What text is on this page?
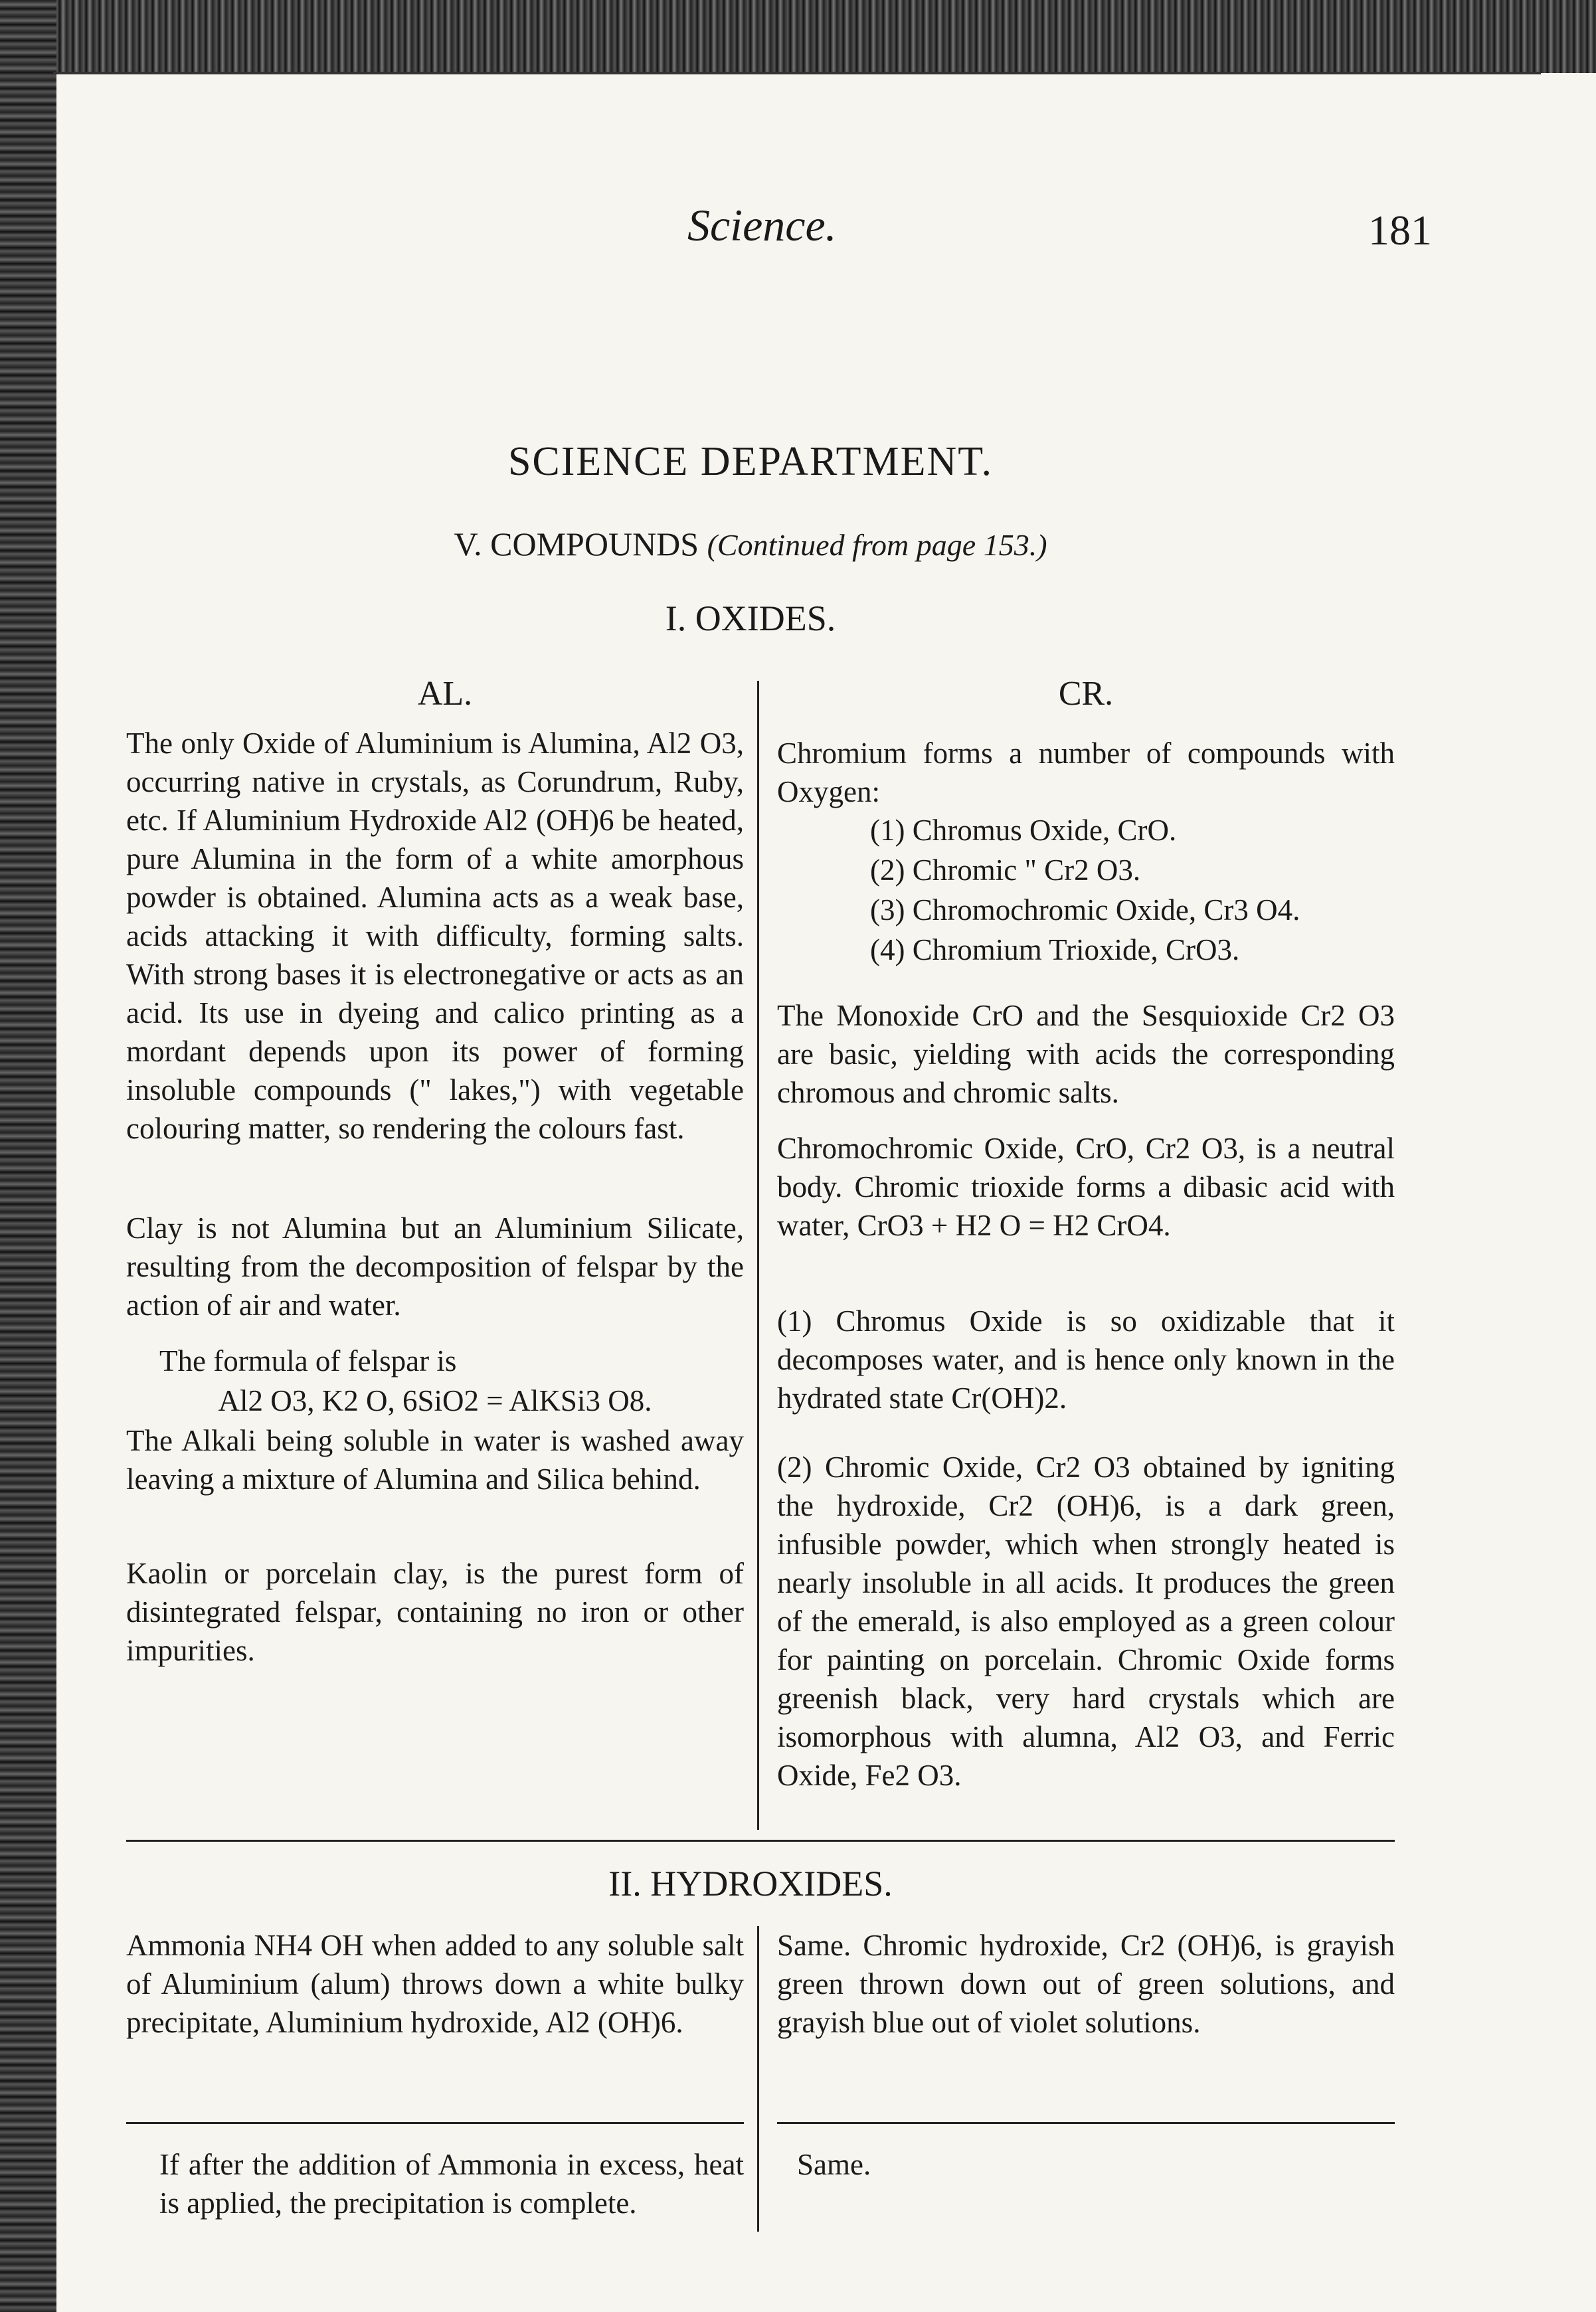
Science.	181
SCIENCE DEPARTMENT.
V. COMPOUNDS (Continued from page 153.)
I. OXIDES.
AL.
The only Oxide of Aluminium is Alumina, Al2 O3, occurring native in crystals, as Corundrum, Ruby, etc. If Aluminium Hydroxide Al2 (OH)6 be heated, pure Alumina in the form of a white amorphous powder is obtained. Alumina acts as a weak base, acids attacking it with difficulty, forming salts. With strong bases it is electronegative or acts as an acid. Its use in dyeing and calico printing as a mordant depends upon its power of forming insoluble compounds (" lakes,") with vegetable colouring matter, so rendering the colours fast.
Clay is not Alumina but an Aluminium Silicate, resulting from the decomposition of felspar by the action of air and water.
The formula of felspar is
Al2 O3, K2 O, 6SiO2 = AlKSi3 O8.
The Alkali being soluble in water is washed away leaving a mixture of Alumina and Silica behind.
Kaolin or porcelain clay, is the purest form of disintegrated felspar, containing no iron or other impurities.
CR.
Chromium forms a number of compounds with Oxygen:
(1) Chromus Oxide, CrO.
(2) Chromic " Cr2 O3.
(3) Chromochromic Oxide, Cr3 O4.
(4) Chromium Trioxide, CrO3.
The Monoxide CrO and the Sesquioxide Cr2 O3 are basic, yielding with acids the corresponding chromous and chromic salts.
Chromochromic Oxide, CrO, Cr2 O3, is a neutral body. Chromic trioxide forms a dibasic acid with water, CrO3 + H2 O = H2 CrO4.
(1) Chromus Oxide is so oxidizable that it decomposes water, and is hence only known in the hydrated state Cr(OH)2.
(2) Chromic Oxide, Cr2 O3 obtained by igniting the hydroxide, Cr2 (OH)6, is a dark green, infusible powder, which when strongly heated is nearly insoluble in all acids. It produces the green of the emerald, is also employed as a green colour for painting on porcelain. Chromic Oxide forms greenish black, very hard crystals which are isomorphous with alumna, Al2 O3, and Ferric Oxide, Fe2 O3.
II. HYDROXIDES.
Ammonia NH4 OH when added to any soluble salt of Aluminium (alum) throws down a white bulky precipitate, Aluminium hydroxide, Al2 (OH)6.
Same. Chromic hydroxide, Cr2 (OH)6, is grayish green thrown down out of green solutions, and grayish blue out of violet solutions.
If after the addition of Ammonia in excess, heat is applied, the precipitation is complete.
Same.
